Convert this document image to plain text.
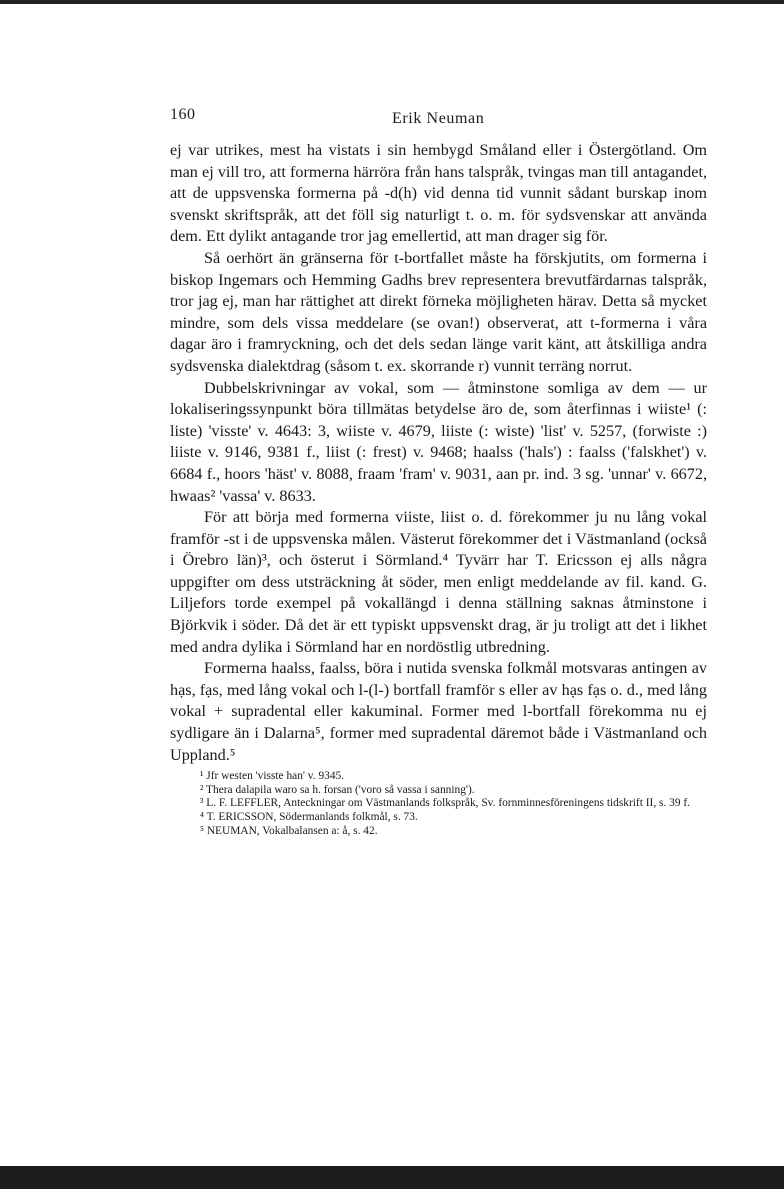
160	Erik Neuman

ej var utrikes, mest ha vistats i sin hembygd Småland eller i Östergötland. Om man ej vill tro, att formerna härröra från hans talspråk, tvingas man till antagandet, att de uppsvenska formerna på -d(h) vid denna tid vunnit sådant burskap inom svenskt skriftspråk, att det föll sig naturligt t. o. m. för sydsvenskar att använda dem. Ett dylikt antagande tror jag emellertid, att man drager sig för.

Så oerhört än gränserna för t-bortfallet måste ha förskjutits, om formerna i biskop Ingemars och Hemming Gadhs brev representera brevutfärdarnas talspråk, tror jag ej, man har rättighet att direkt förneka möjligheten härav. Detta så mycket mindre, som dels vissa meddelare (se ovan!) observerat, att t-formerna i våra dagar äro i framryckning, och det dels sedan länge varit känt, att åtskilliga andra sydsvenska dialektdrag (såsom t. ex. skorrande r) vunnit terräng norrut.

Dubbelskrivningar av vokal, som — åtminstone somliga av dem — ur lokaliseringssynpunkt böra tillmätas betydelse äro de, som återfinnas i wiiste¹ (: liste) 'visste' v. 4643: 3, wiiste v. 4679, liiste (: wiste) 'list' v. 5257, (forwiste :) liiste v. 9146, 9381 f., liist (: frest) v. 9468; haalss ('hals') : faalss ('falskhet') v. 6684 f., hoors 'häst' v. 8088, fraam 'fram' v. 9031, aan pr. ind. 3 sg. 'unnar' v. 6672, hwaas² 'vassa' v. 8633.

För att börja med formerna viiste, liist o. d. förekommer ju nu lång vokal framför -st i de uppsvenska målen. Västerut förekommer det i Västmanland (också i Örebro län)³, och österut i Sörmland.⁴ Tyvärr har T. Ericsson ej alls några uppgifter om dess utsträckning åt söder, men enligt meddelande av fil. kand. G. Liljefors torde exempel på vokallängd i denna ställning saknas åtminstone i Björkvik i söder. Då det är ett typiskt uppsvenskt drag, är ju troligt att det i likhet med andra dylika i Sörmland har en nordöstlig utbredning.

Formerna haalss, faalss, böra i nutida svenska folkmål motsvaras antingen av hạs, fạs, med lång vokal och l-(l-) bortfall framför s eller av hạs fạs o. d., med lång vokal + supradental eller kakuminal. Former med l-bortfall förekomma nu ej sydligare än i Dalarna⁵, former med supradental däremot både i Västmanland och Uppland.⁵

¹ Jfr westen 'visste han' v. 9345.

² Thera dalapila waro sa h. forsan ('voro så vassa i sanning').

³ L. F. LEFFLER, Anteckningar om Västmanlands folkspråk, Sv. fornminnesföreningens tidskrift II, s. 39 f.

⁴ T. ERICSSON, Södermanlands folkmål, s. 73.

⁵ NEUMAN, Vokalbalansen a: å, s. 42.
